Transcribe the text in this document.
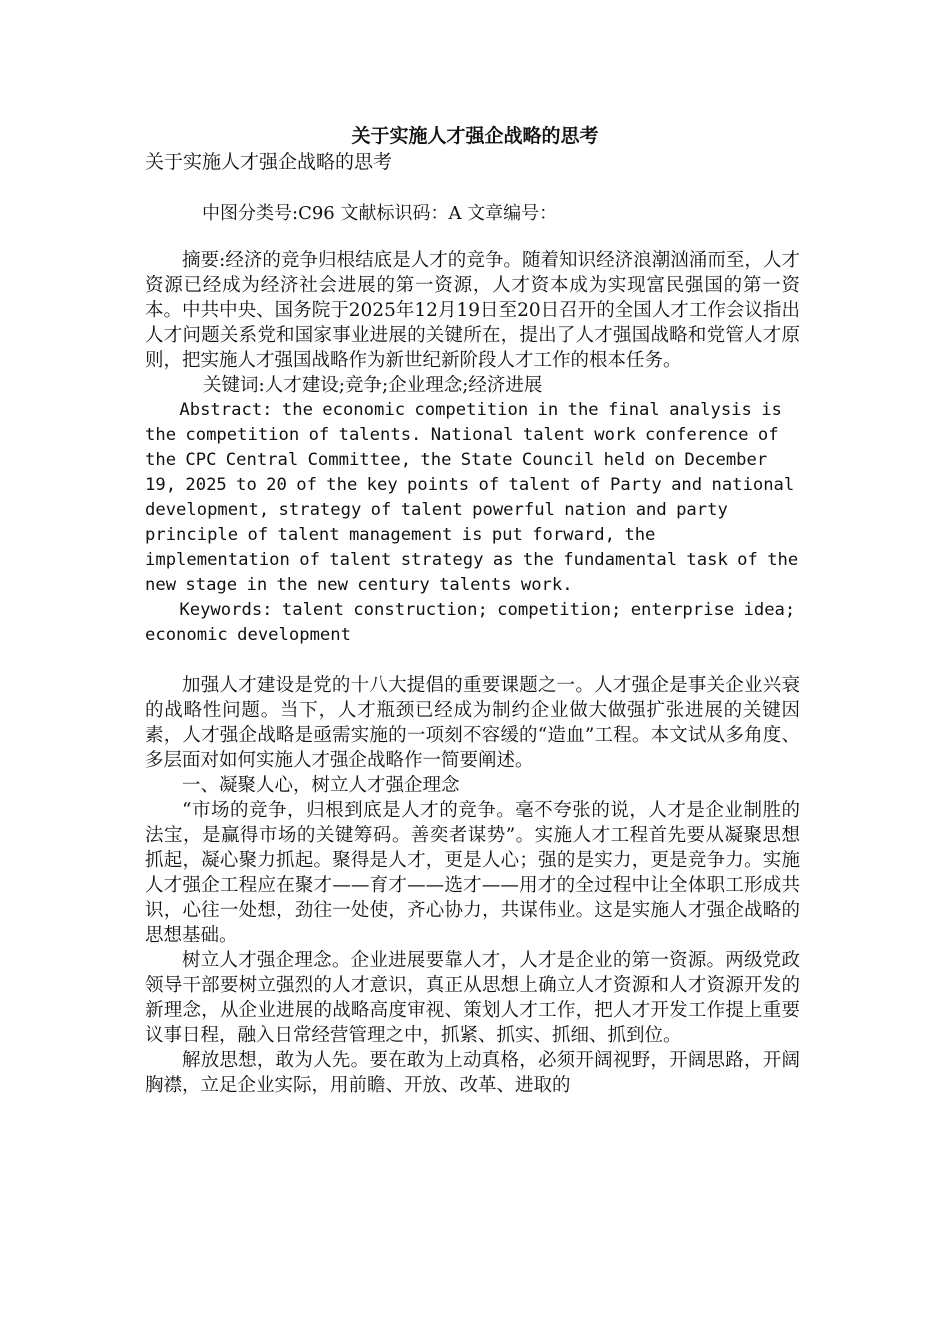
关于实施人才强企战略的思考
关于实施人才强企战略的思考
中图分类号:C96 文献标识码：A 文章编号：

摘要:经济的竞争归根结底是人才的竞争。随着知识经济浪潮汹涌而至，人才资源已经成为经济社会进展的第一资源，人才资本成为实现富民强国的第一资本。中共中央、国务院于2025年12月19日至20日召开的全国人才工作会议指出人才问题关系党和国家事业进展的关键所在，提出了人才强国战略和党管人才原则，把实施人才强国战略作为新世纪新阶段人才工作的根本任务。

关键词:人才建设;竞争;企业理念;经济进展

Abstract: the economic competition in the final analysis is the competition of talents. National talent work conference of the CPC Central Committee, the State Council held on December 19, 2025 to 20 of the key points of talent of Party and national development, strategy of talent powerful nation and party principle of talent management is put forward, the implementation of talent strategy as the fundamental task of the new stage in the new century talents work.

Keywords: talent construction; competition; enterprise idea; economic development

加强人才建设是党的十八大提倡的重要课题之一。人才强企是事关企业兴衰的战略性问题。当下，人才瓶颈已经成为制约企业做大做强扩张进展的关键因素，人才强企战略是亟需实施的一项刻不容缓的“造血”工程。本文试从多角度、多层面对如何实施人才强企战略作一简要阐述。

一、凝聚人心，树立人才强企理念

“市场的竞争，归根到底是人才的竞争。毫不夸张的说，人才是企业制胜的法宝，是赢得市场的关键筹码。善奕者谋势”。实施人才工程首先要从凝聚思想抓起，凝心聚力抓起。聚得是人才，更是人心；强的是实力，更是竞争力。实施人才强企工程应在聚才——育才——选才——用才的全过程中让全体职工形成共识，心往一处想，劲往一处使，齐心协力，共谋伟业。这是实施人才强企战略的思想基础。

树立人才强企理念。企业进展要靠人才，人才是企业的第一资源。两级党政领导干部要树立强烈的人才意识，真正从思想上确立人才资源和人才资源开发的新理念，从企业进展的战略高度审视、策划人才工作，把人才开发工作提上重要议事日程，融入日常经营管理之中，抓紧、抓实、抓细、抓到位。

解放思想，敢为人先。要在敢为上动真格，必须开阔视野，开阔思路，开阔胸襟，立足企业实际，用前瞻、开放、改革、进取的
